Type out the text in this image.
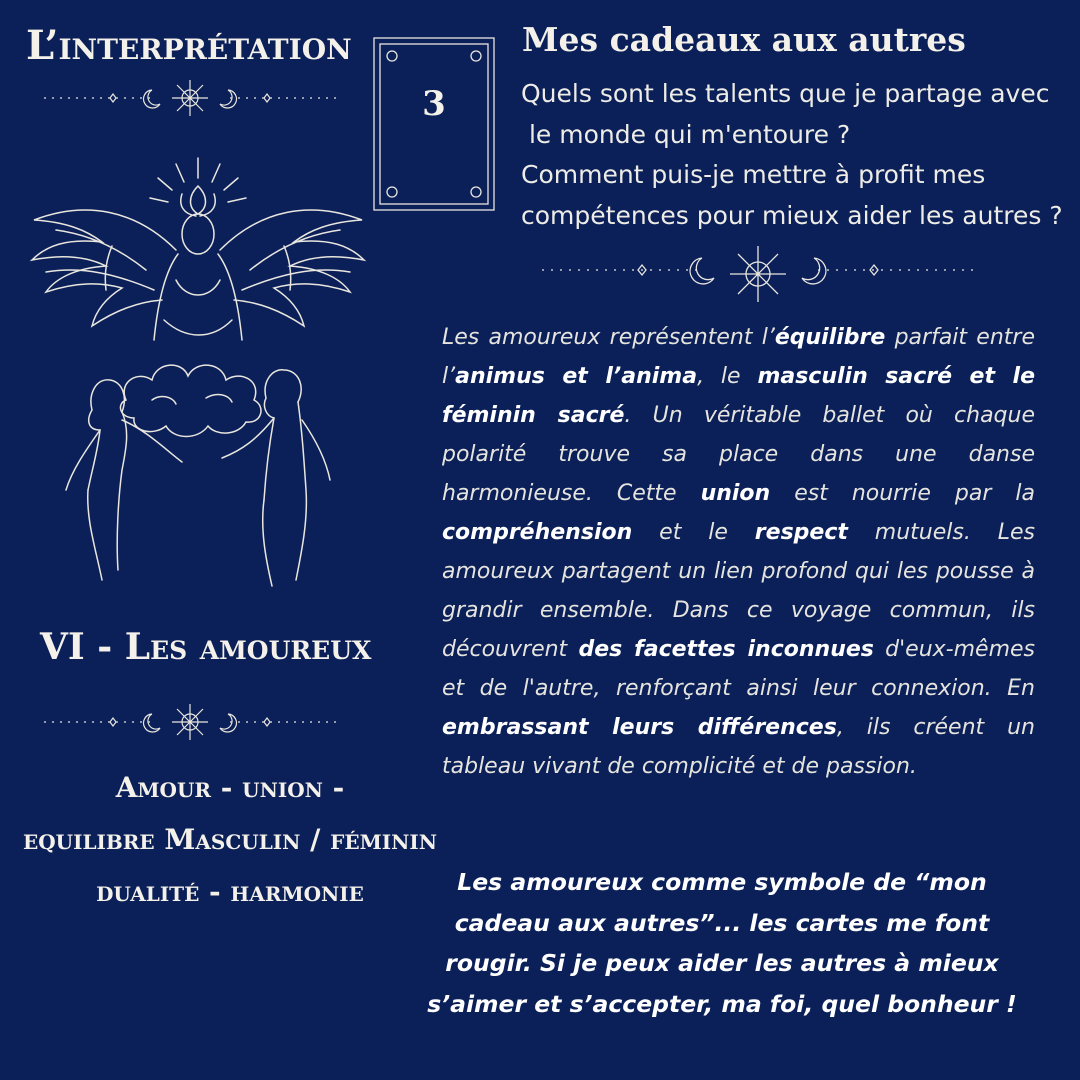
L’interprétation
VI - Les amoureux
Amour - union -
equilibre Masculin / féminin
dualité - harmonie
3
Mes cadeaux aux autres
Quels sont les talents que je partage avec
le monde qui m'entoure ?
Comment puis-je mettre à profit mes
compétences pour mieux aider les autres ?
Les amoureux représentent l’équilibre parfait entre l’animus et l’anima, le masculin sacré et le féminin sacré. Un véritable ballet où chaque polarité trouve sa place dans une danse harmonieuse. Cette union est nourrie par la compréhension et le respect mutuels. Les amoureux partagent un lien profond qui les pousse à grandir ensemble. Dans ce voyage commun, ils découvrent des facettes inconnues d'eux-mêmes et de l'autre, renforçant ainsi leur connexion. En embrassant leurs différences, ils créent un tableau vivant de complicité et de passion.
Les amoureux comme symbole de “mon cadeau aux autres”... les cartes me font rougir. Si je peux aider les autres à mieux s’aimer et s’accepter, ma foi, quel bonheur !
